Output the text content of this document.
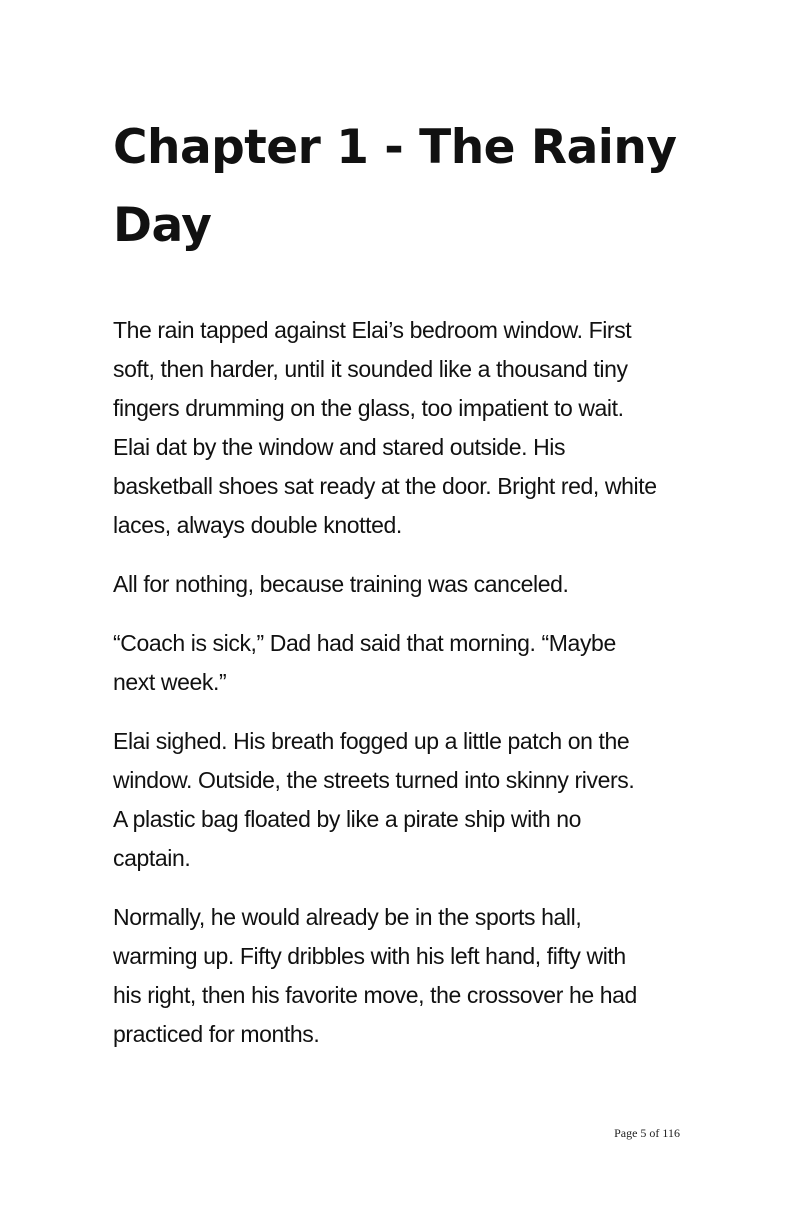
Chapter 1 - The Rainy
Day

The rain tapped against Elai’s bedroom window. First
soft, then harder, until it sounded like a thousand tiny
fingers drumming on the glass, too impatient to wait.
Elai dat by the window and stared outside. His
basketball shoes sat ready at the door. Bright red, white
laces, always double knotted.

All for nothing, because training was canceled.

“Coach is sick,” Dad had said that morning. “Maybe
next week.”

Elai sighed. His breath fogged up a little patch on the
window. Outside, the streets turned into skinny rivers.
A plastic bag floated by like a pirate ship with no
captain.

Normally, he would already be in the sports hall,
warming up. Fifty dribbles with his left hand, fifty with
his right, then his favorite move, the crossover he had
practiced for months.

Page 5 of 116
